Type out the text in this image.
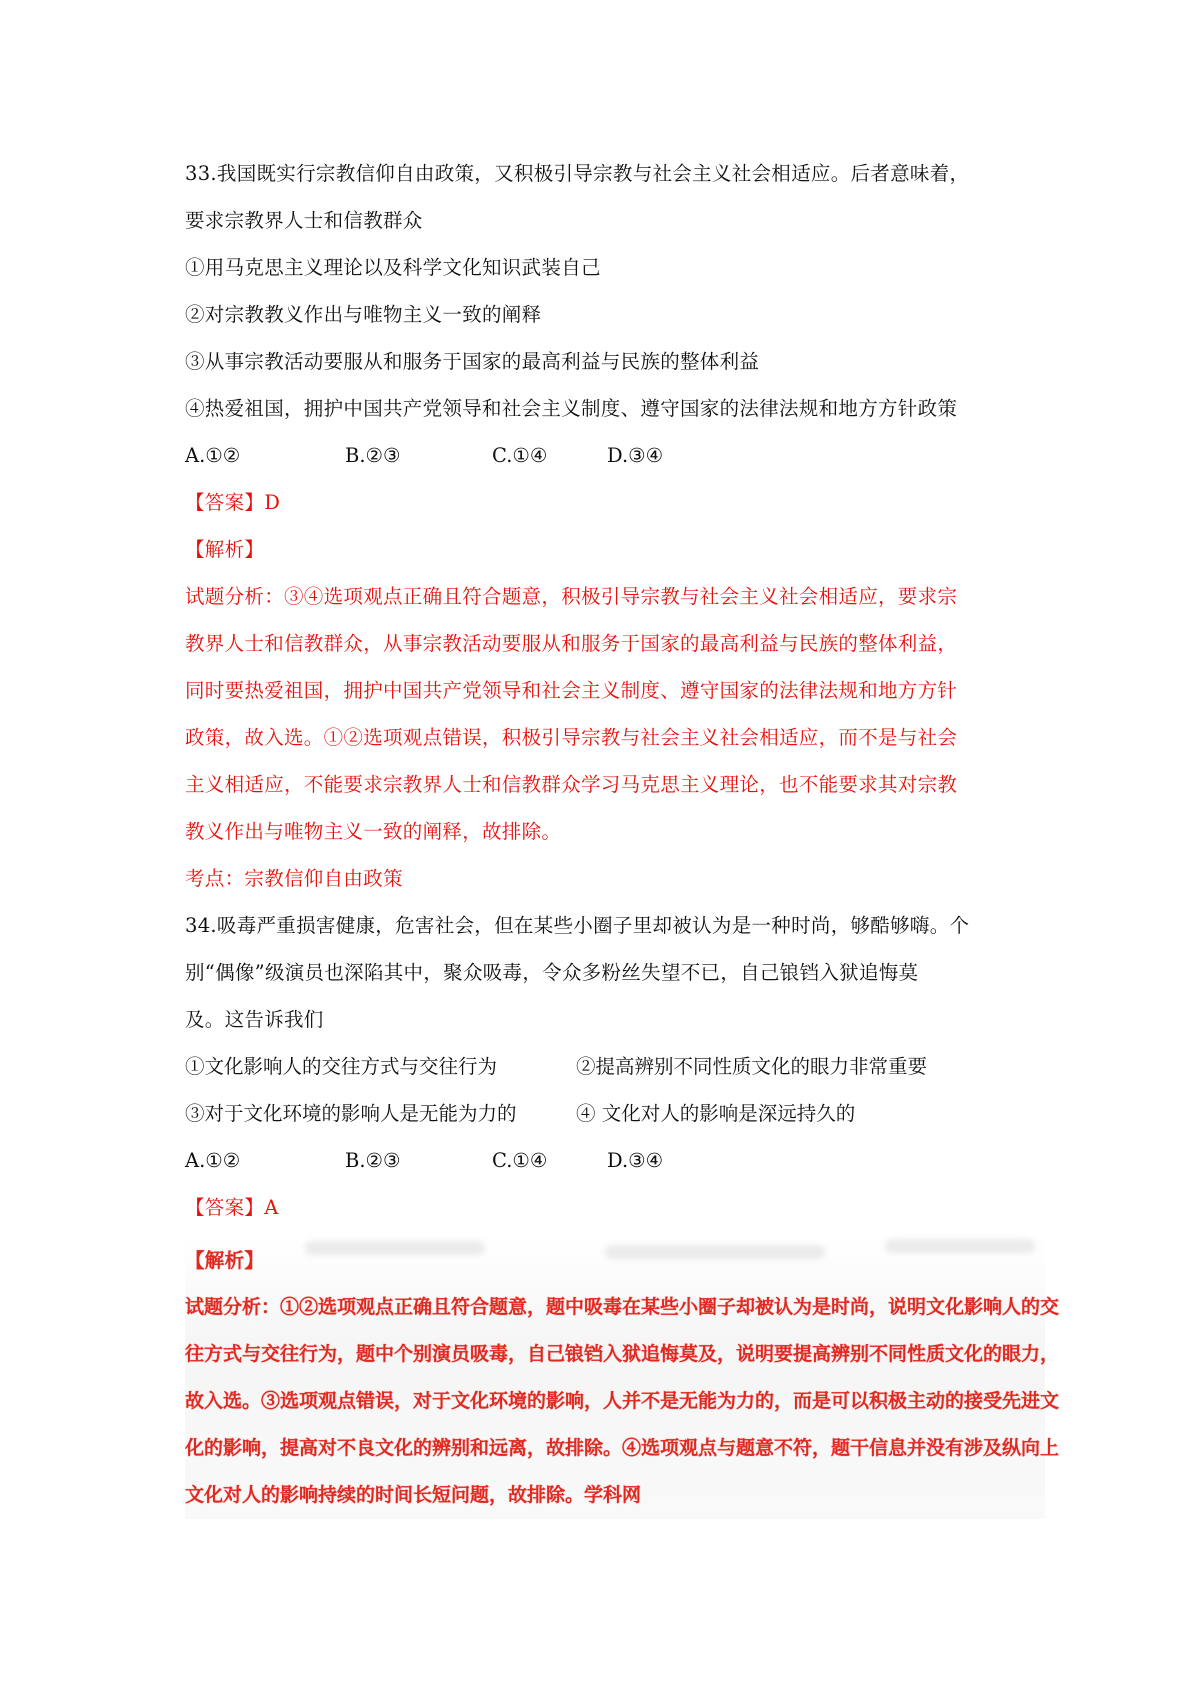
33.我国既实行宗教信仰自由政策，又积极引导宗教与社会主义社会相适应。后者意味着，
要求宗教界人士和信教群众
①用马克思主义理论以及科学文化知识武装自己
②对宗教教义作出与唯物主义一致的阐释
③从事宗教活动要服从和服务于国家的最高利益与民族的整体利益
④热爱祖国，拥护中国共产党领导和社会主义制度、遵守国家的法律法规和地方方针政策
A.①②	B.②③	C.①④	D.③④
【答案】D
【解析】
试题分析：③④选项观点正确且符合题意，积极引导宗教与社会主义社会相适应，要求宗
教界人士和信教群众，从事宗教活动要服从和服务于国家的最高利益与民族的整体利益，
同时要热爱祖国，拥护中国共产党领导和社会主义制度、遵守国家的法律法规和地方方针
政策，故入选。①②选项观点错误，积极引导宗教与社会主义社会相适应，而不是与社会
主义相适应，不能要求宗教界人士和信教群众学习马克思主义理论，也不能要求其对宗教
教义作出与唯物主义一致的阐释，故排除。
考点：宗教信仰自由政策
34.吸毒严重损害健康，危害社会，但在某些小圈子里却被认为是一种时尚，够酷够嗨。个
别“偶像”级演员也深陷其中，聚众吸毒，令众多粉丝失望不已，自己锒铛入狱追悔莫
及。这告诉我们
①文化影响人的交往方式与交往行为	②提高辨别不同性质文化的眼力非常重要
③对于文化环境的影响人是无能为力的	④ 文化对人的影响是深远持久的
A.①②	B.②③	C.①④	D.③④
【答案】A
【解析】
试题分析：①②选项观点正确且符合题意，题中吸毒在某些小圈子却被认为是时尚，说明文化影响人的交
往方式与交往行为，题中个别演员吸毒，自己锒铛入狱追悔莫及，说明要提高辨别不同性质文化的眼力，
故入选。③选项观点错误，对于文化环境的影响，人并不是无能为力的，而是可以积极主动的接受先进文
化的影响，提高对不良文化的辨别和远离，故排除。④选项观点与题意不符，题干信息并没有涉及纵向上
文化对人的影响持续的时间长短问题，故排除。学科网
